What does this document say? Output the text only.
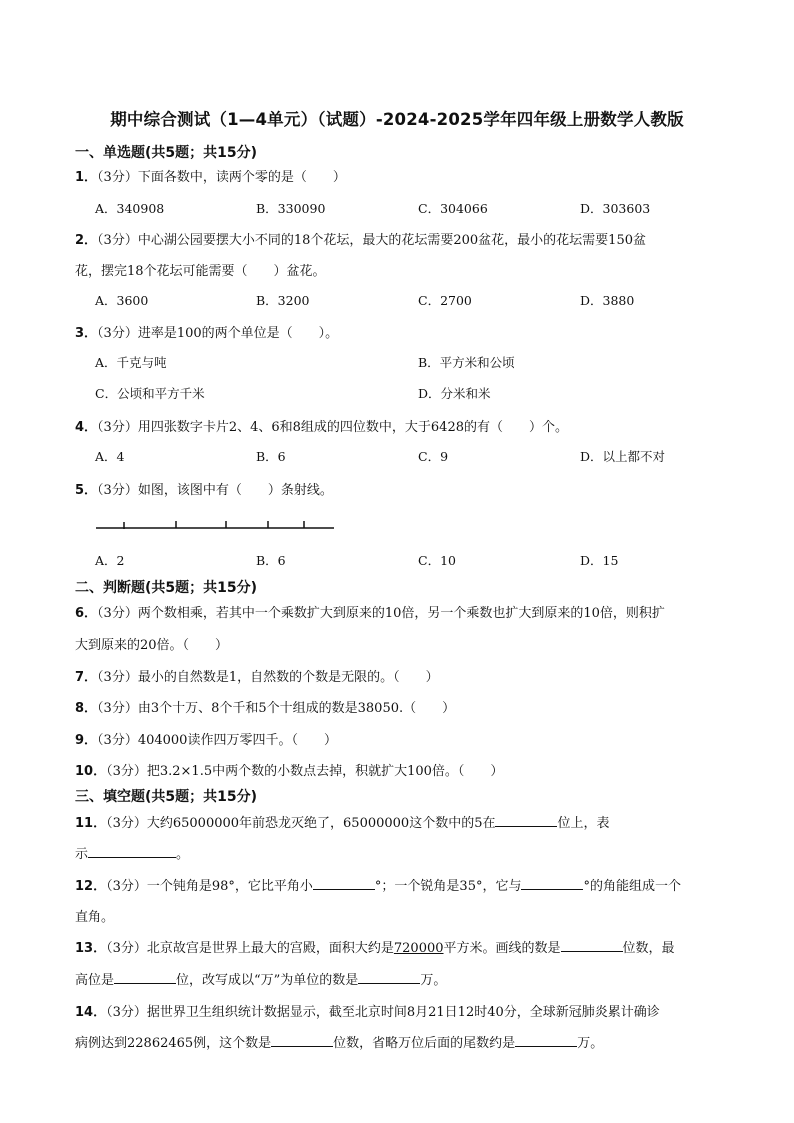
期中综合测试（1—4单元）（试题）-2024-2025学年四年级上册数学人教版
一、单选题(共5题；共15分)
1．（3分）下面各数中，读两个零的是（　　）
A．340908	B．330090	C．304066	D．303603
2．（3分）中心湖公园要摆大小不同的18个花坛，最大的花坛需要200盆花，最小的花坛需要150盆
花，摆完18个花坛可能需要（　　）盆花。
A．3600	B．3200	C．2700	D．3880
3．（3分）进率是100的两个单位是（　　）。
A．千克与吨	B．平方米和公顷
C．公顷和平方千米	D．分米和米
4．（3分）用四张数字卡片2、4、6和8组成的四位数中，大于6428的有（　　）个。
A．4	B．6	C．9	D．以上都不对
5．（3分）如图，该图中有（　　）条射线。
A．2	B．6	C．10	D．15
二、判断题(共5题；共15分)
6．（3分）两个数相乘，若其中一个乘数扩大到原来的10倍，另一个乘数也扩大到原来的10倍，则积扩
大到原来的20倍。（　　）
7．（3分）最小的自然数是1，自然数的个数是无限的。（　　）
8．（3分）由3个十万、8个千和5个十组成的数是38050.（　　）
9．（3分）404000读作四万零四千。（　　）
10．（3分）把3.2×1.5中两个数的小数点去掉，积就扩大100倍。（　　）
三、填空题(共5题；共15分)
11．（3分）大约65000000年前恐龙灭绝了，65000000这个数中的5在	位上，表
示	。
12．（3分）一个钝角是98°，它比平角小	°；一个锐角是35°，它与	°的角能组成一个
直角。
13．（3分）北京故宫是世界上最大的宫殿，面积大约是720000平方米。画线的数是	位数，最
高位是	位，改写成以“万”为单位的数是	万。
14．（3分）据世界卫生组织统计数据显示，截至北京时间8月21日12时40分，全球新冠肺炎累计确诊
病例达到22862465例，这个数是	位数，省略万位后面的尾数约是	万。
